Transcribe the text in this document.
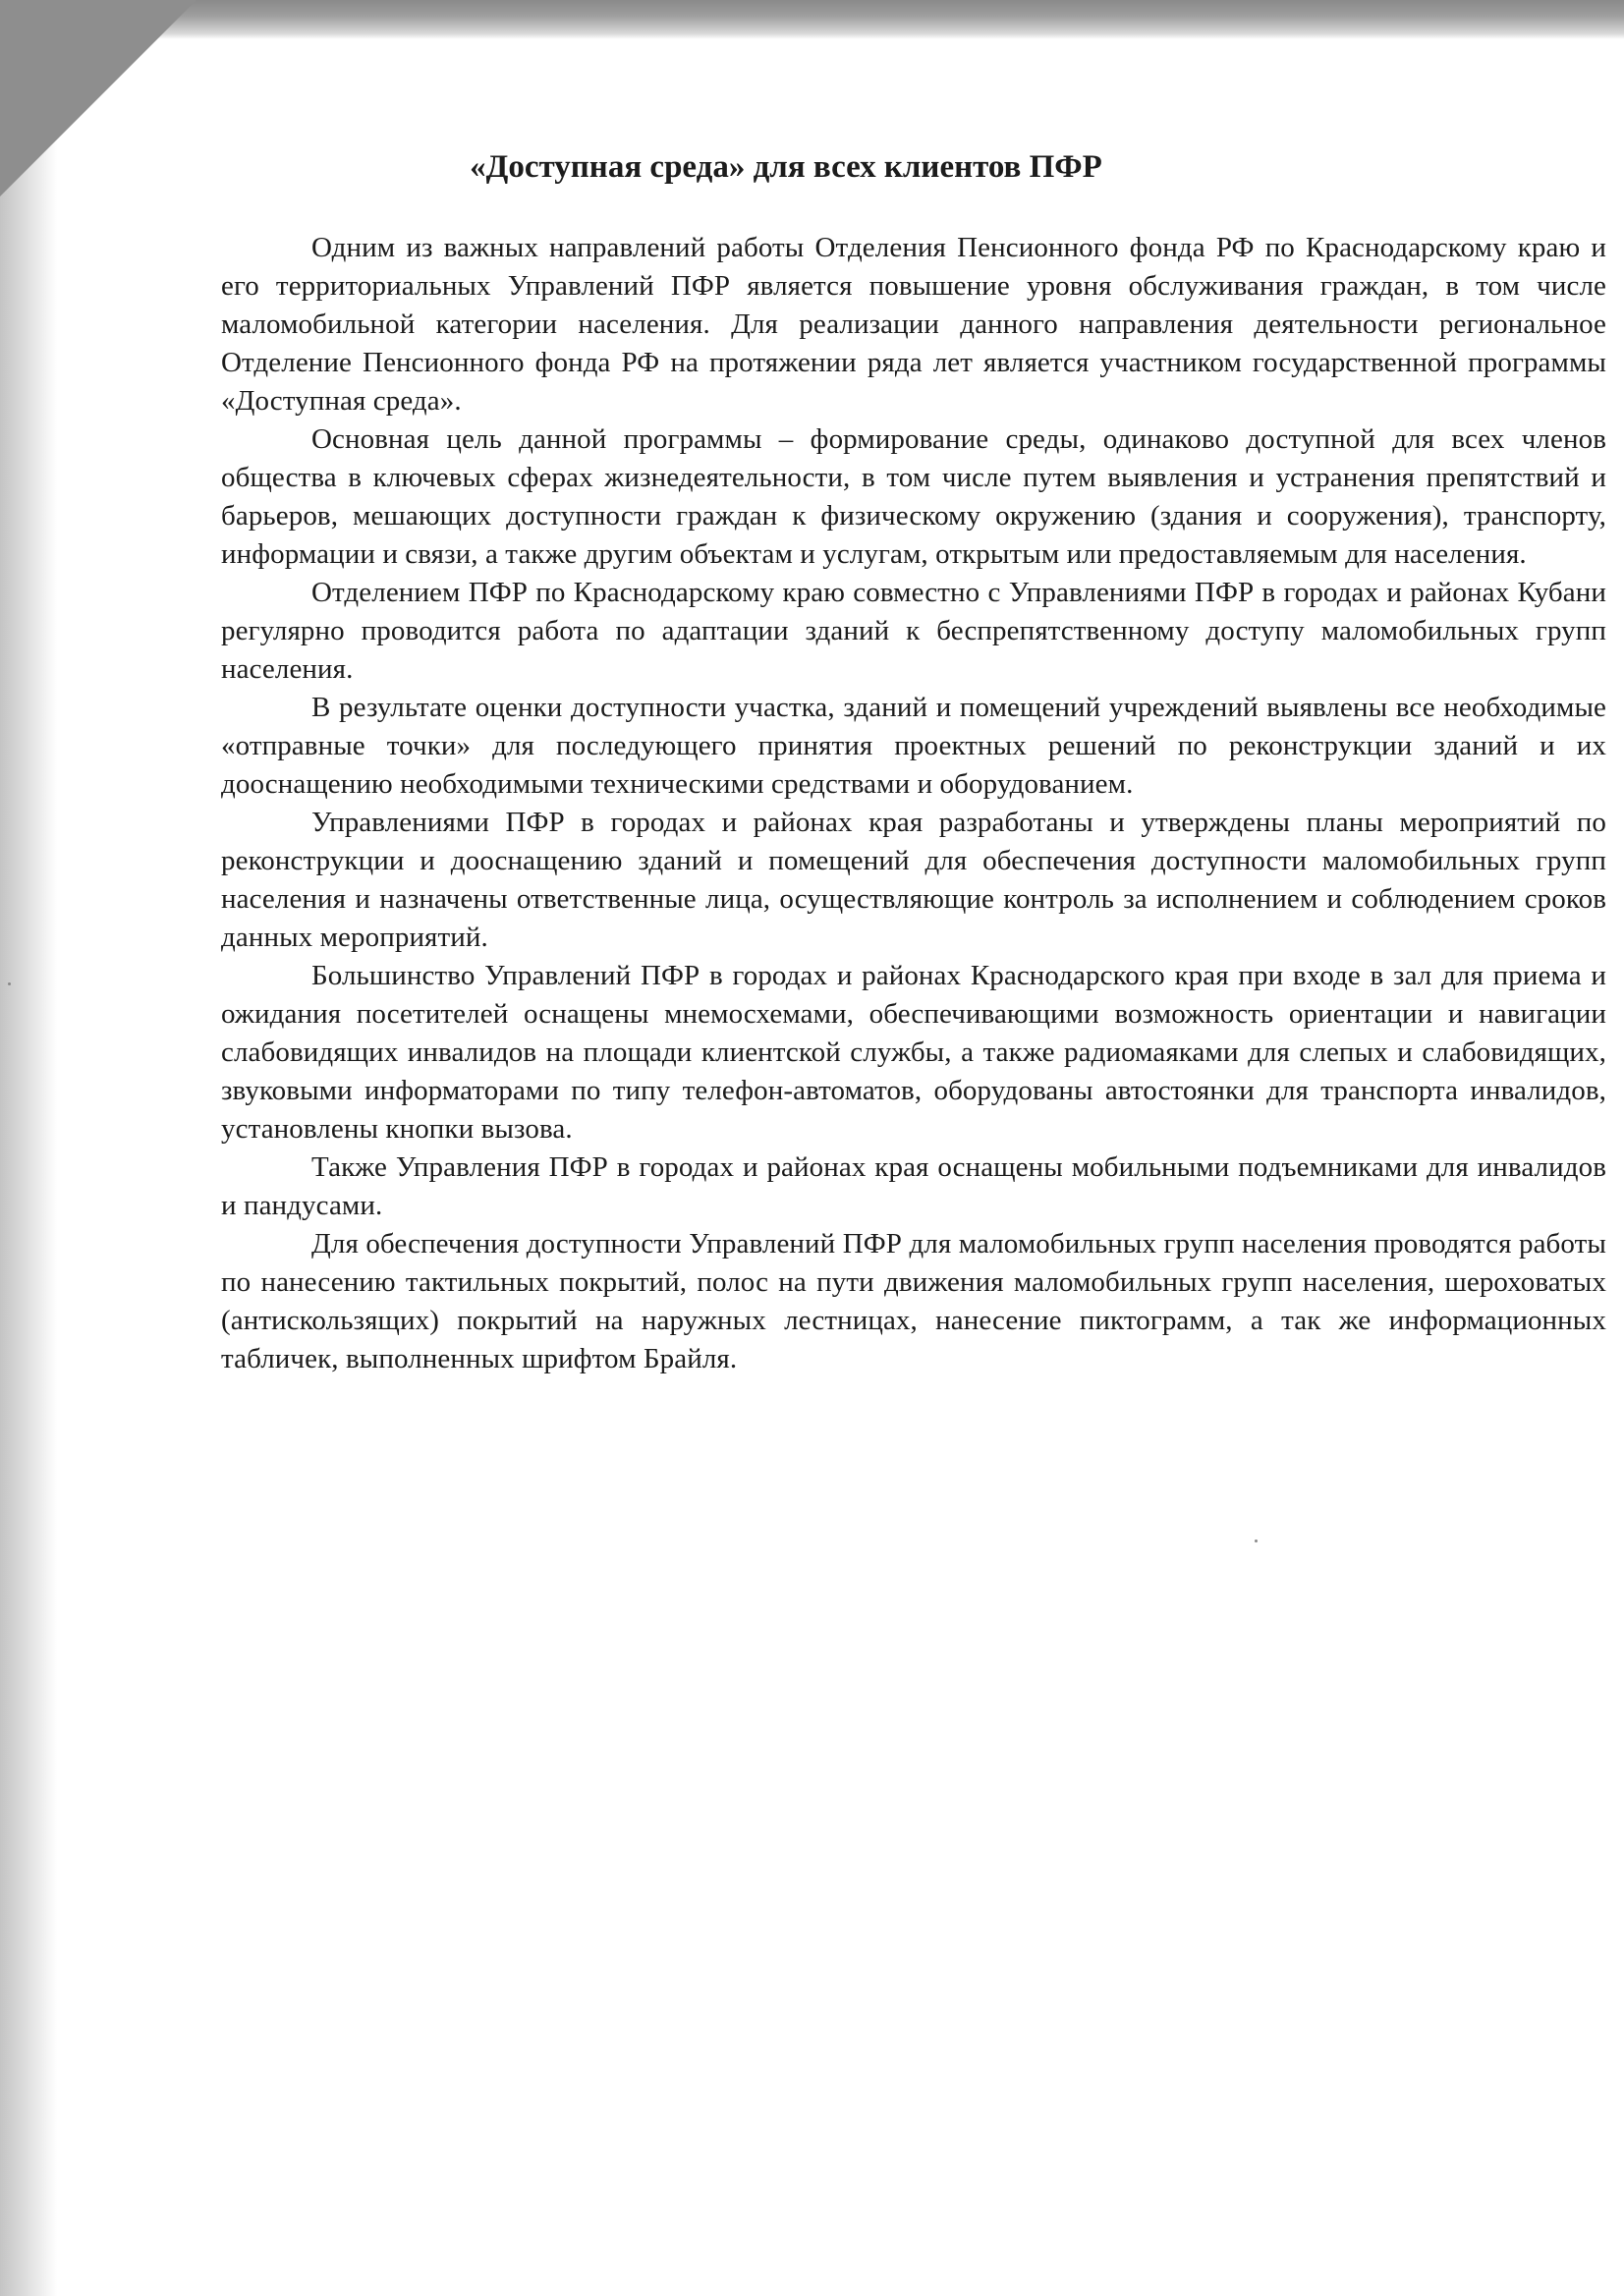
«Доступная среда» для всех клиентов ПФР

Одним из важных направлений работы Отделения Пенсионного фонда РФ по Краснодарскому краю и его территориальных Управлений ПФР является повышение уровня обслуживания граждан, в том числе маломобильной категории населения. Для реализации данного направления деятельности региональное Отделение Пенсионного фонда РФ на протяжении ряда лет является участником государственной программы «Доступная среда».

Основная цель данной программы – формирование среды, одинаково доступной для всех членов общества в ключевых сферах жизнедеятельности, в том числе путем выявления и устранения препятствий и барьеров, мешающих доступности граждан к физическому окружению (здания и сооружения), транспорту, информации и связи, а также другим объектам и услугам, открытым или предоставляемым для населения.

Отделением ПФР по Краснодарскому краю совместно с Управлениями ПФР в городах и районах Кубани регулярно проводится работа по адаптации зданий к беспрепятственному доступу маломобильных групп населения.

В результате оценки доступности участка, зданий и помещений учреждений выявлены все необходимые «отправные точки» для последующего принятия проектных решений по реконструкции зданий и их дооснащению необходимыми техническими средствами и оборудованием.

Управлениями ПФР в городах и районах края разработаны и утверждены планы мероприятий по реконструкции и дооснащению зданий и помещений для обеспечения доступности маломобильных групп населения и назначены ответственные лица, осуществляющие контроль за исполнением и соблюдением сроков данных мероприятий.

Большинство Управлений ПФР в городах и районах Краснодарского края при входе в зал для приема и ожидания посетителей оснащены мнемосхемами, обеспечивающими возможность ориентации и навигации слабовидящих инвалидов на площади клиентской службы, а также радиомаяками для слепых и слабовидящих, звуковыми информаторами по типу телефон-автоматов, оборудованы автостоянки для транспорта инвалидов, установлены кнопки вызова.

Также Управления ПФР в городах и районах края оснащены мобильными подъемниками для инвалидов и пандусами.

Для обеспечения доступности Управлений ПФР для маломобильных групп населения проводятся работы по нанесению тактильных покрытий, полос на пути движения маломобильных групп населения, шероховатых (антискользящих) покрытий на наружных лестницах, нанесение пиктограмм, а так же информационных табличек, выполненных шрифтом Брайля.
